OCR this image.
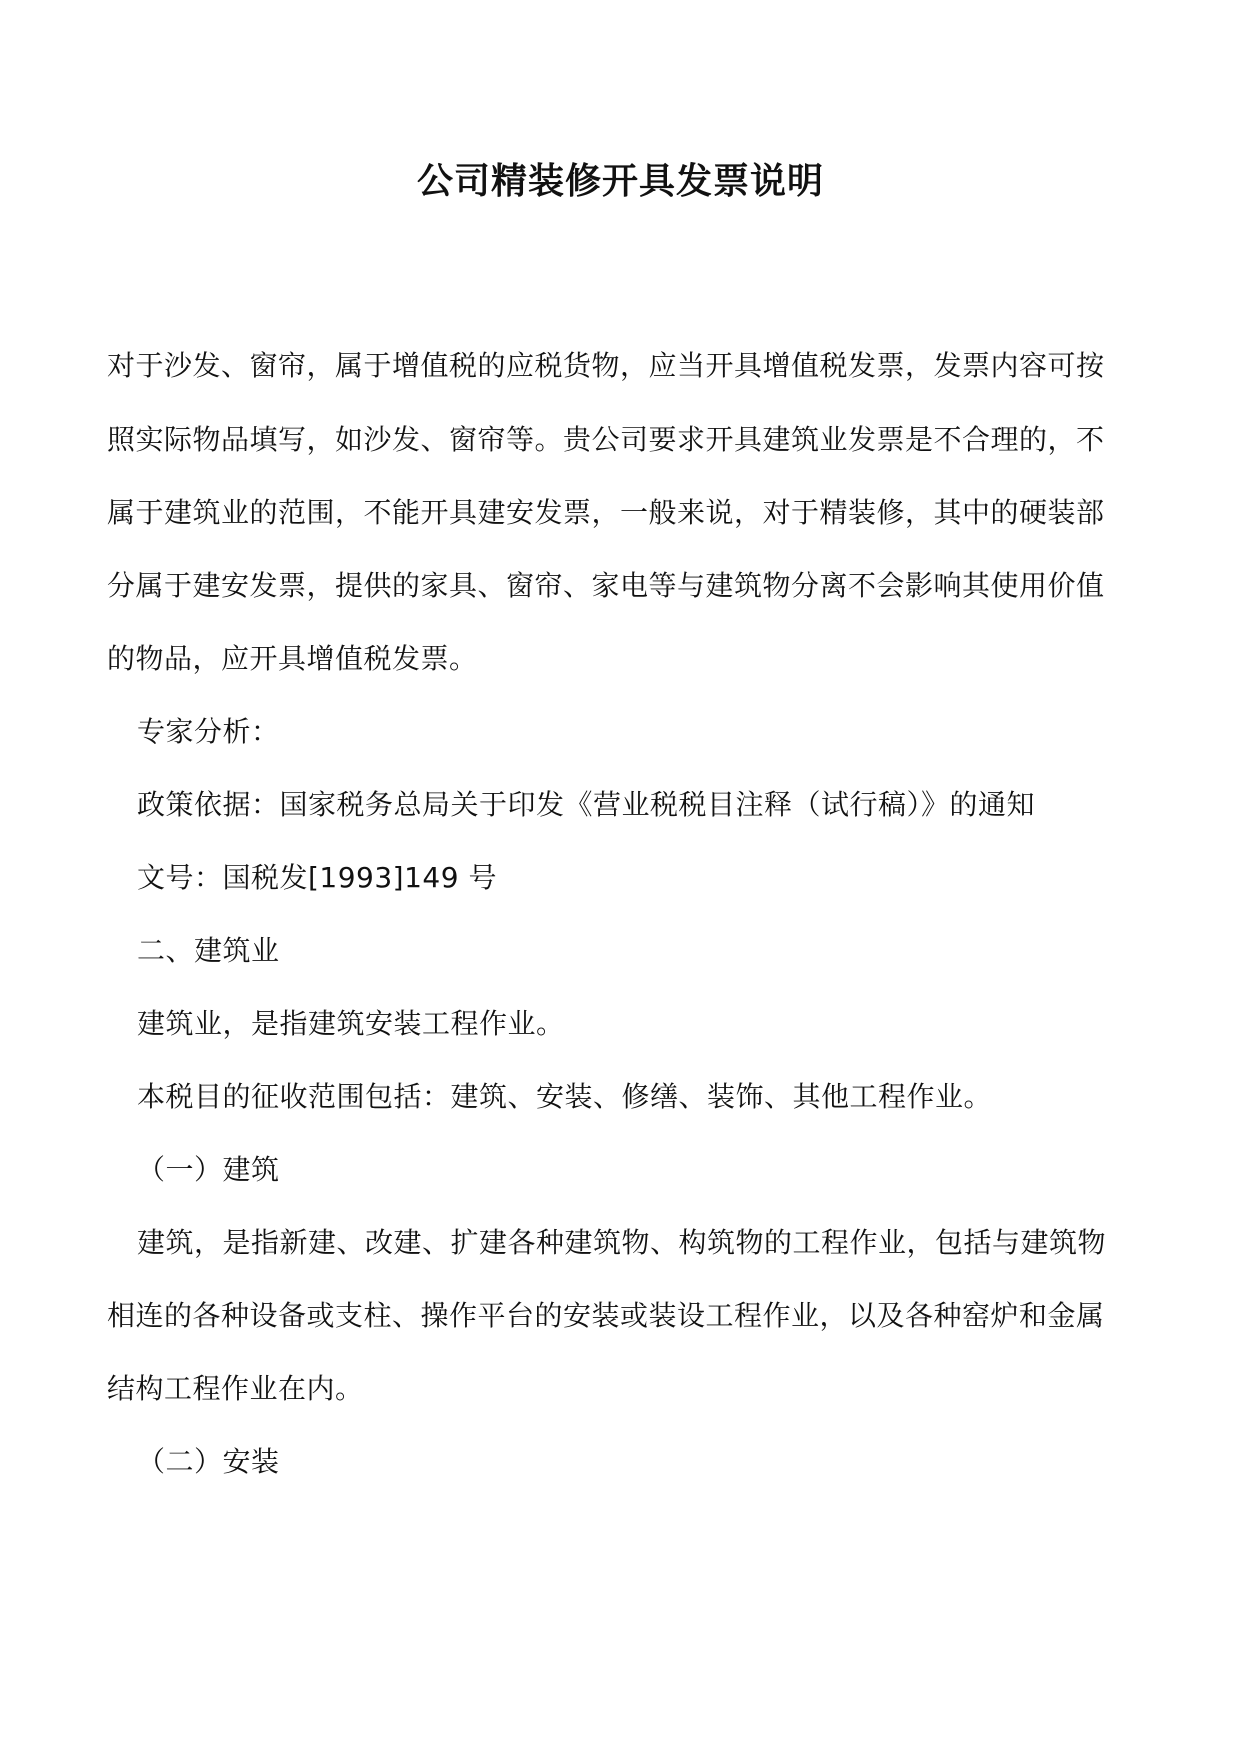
公司精装修开具发票说明
对于沙发、窗帘，属于增值税的应税货物，应当开具增值税发票，发票内容可按
照实际物品填写，如沙发、窗帘等。贵公司要求开具建筑业发票是不合理的，不
属于建筑业的范围，不能开具建安发票，一般来说，对于精装修，其中的硬装部
分属于建安发票，提供的家具、窗帘、家电等与建筑物分离不会影响其使用价值
的物品，应开具增值税发票。
专家分析：
政策依据：国家税务总局关于印发《营业税税目注释（试行稿）》的通知
文号：国税发[1993]149 号
二、建筑业
建筑业，是指建筑安装工程作业。
本税目的征收范围包括：建筑、安装、修缮、装饰、其他工程作业。
（一）建筑
建筑，是指新建、改建、扩建各种建筑物、构筑物的工程作业，包括与建筑物
相连的各种设备或支柱、操作平台的安装或装设工程作业，以及各种窑炉和金属
结构工程作业在内。
（二）安装
